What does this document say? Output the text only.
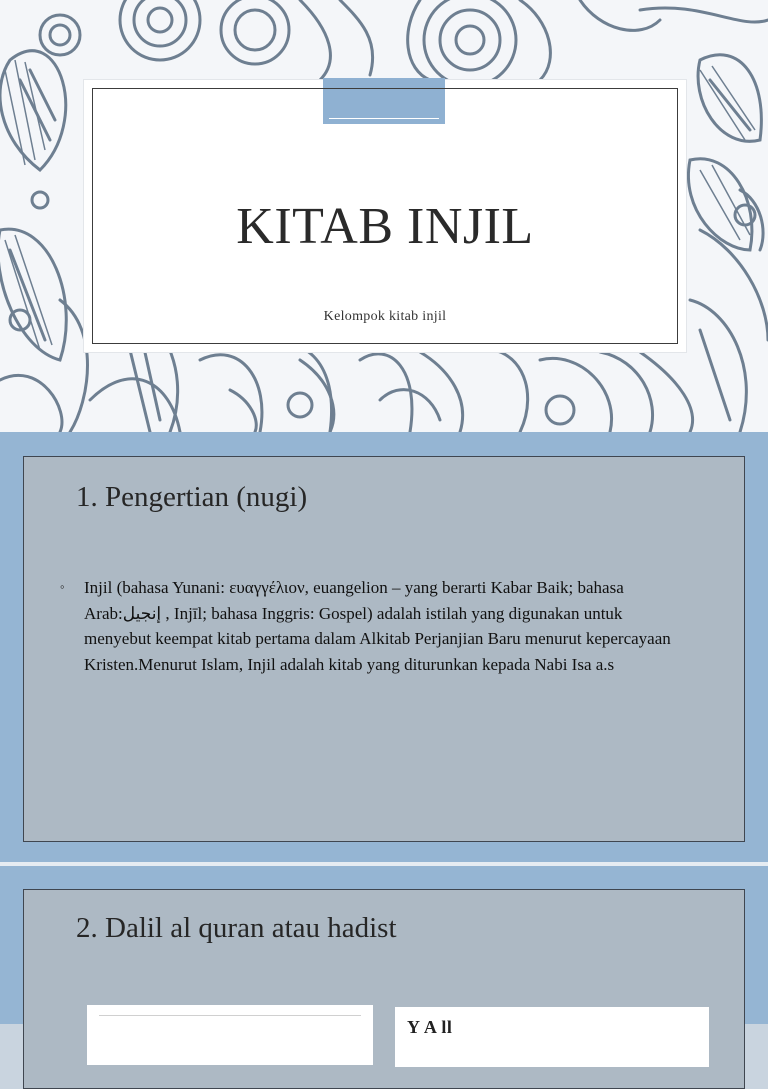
KITAB INJIL
Kelompok kitab injil
1. Pengertian (nugi)
◦	Injil (bahasa Yunani: ευαγγέλιον, euangelion – yang berarti Kabar Baik; bahasa Arab:إنجيل , Injīl; bahasa Inggris: Gospel) adalah istilah yang digunakan untuk menyebut keempat kitab pertama dalam Alkitab Perjanjian Baru menurut kepercayaan Kristen.Menurut Islam, Injil adalah kitab yang diturunkan kepada Nabi Isa a.s
2. Dalil al quran atau hadist
Y A ll
